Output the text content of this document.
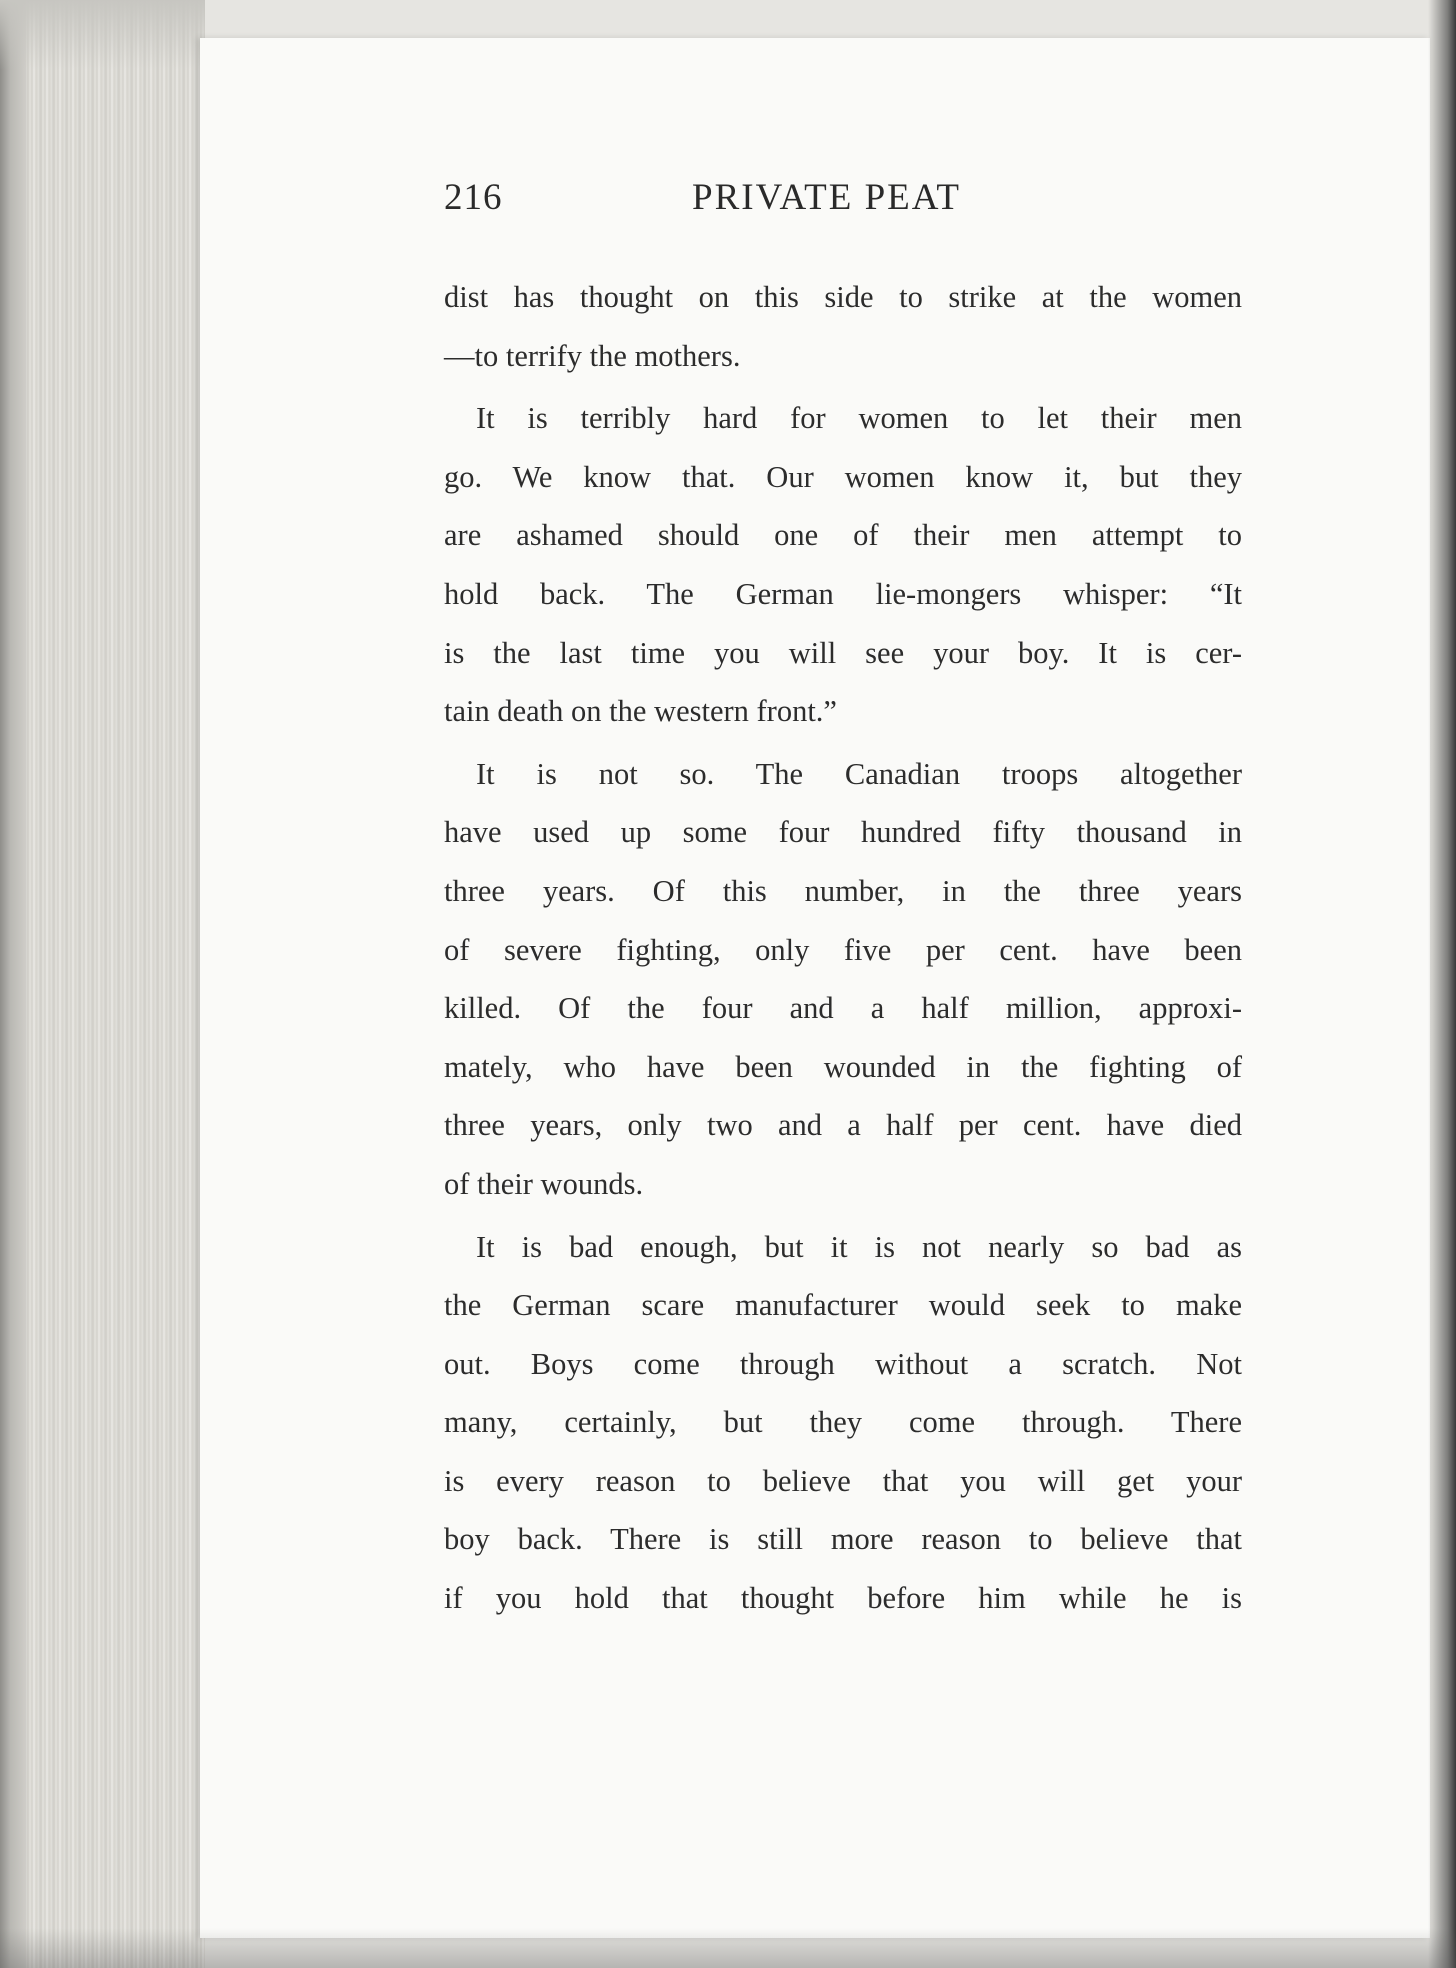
216	PRIVATE PEAT
dist has thought on this side to strike at the women
—to terrify the mothers.
It is terribly hard for women to let their men
go. We know that. Our women know it, but they
are ashamed should one of their men attempt to
hold back. The German lie-mongers whisper: “It
is the last time you will see your boy. It is cer-
tain death on the western front.”
It is not so. The Canadian troops altogether
have used up some four hundred fifty thousand in
three years. Of this number, in the three years
of severe fighting, only five per cent. have been
killed. Of the four and a half million, approxi-
mately, who have been wounded in the fighting of
three years, only two and a half per cent. have died
of their wounds.
It is bad enough, but it is not nearly so bad as
the German scare manufacturer would seek to make
out. Boys come through without a scratch. Not
many, certainly, but they come through. There
is every reason to believe that you will get your
boy back. There is still more reason to believe that
if you hold that thought before him while he is
